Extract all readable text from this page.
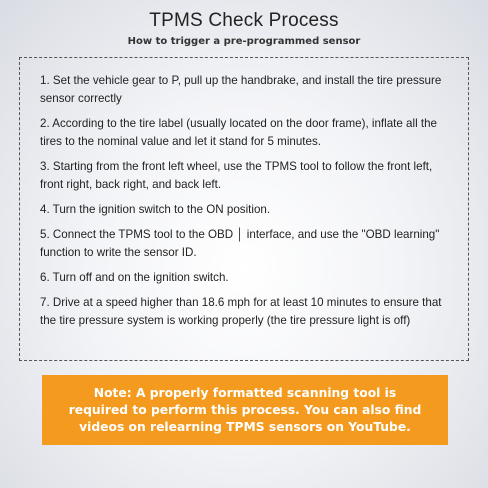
TPMS Check Process
How to trigger a pre-programmed sensor

1. Set the vehicle gear to P, pull up the handbrake, and install the tire pressure sensor correctly

2. According to the tire label (usually located on the door frame), inflate all the tires to the nominal value and let it stand for 5 minutes.

3. Starting from the front left wheel, use the TPMS tool to follow the front left, front right, back right, and back left.

4. Turn the ignition switch to the ON position.

5. Connect the TPMS tool to the OBD │ interface, and use the "OBD learning" function to write the sensor ID.

6. Turn off and on the ignition switch.

7. Drive at a speed higher than 18.6 mph for at least 10 minutes to ensure that the tire pressure system is working properly (the tire pressure light is off)

Note: A properly formatted scanning tool is required to perform this process. You can also find videos on relearning TPMS sensors on YouTube.
